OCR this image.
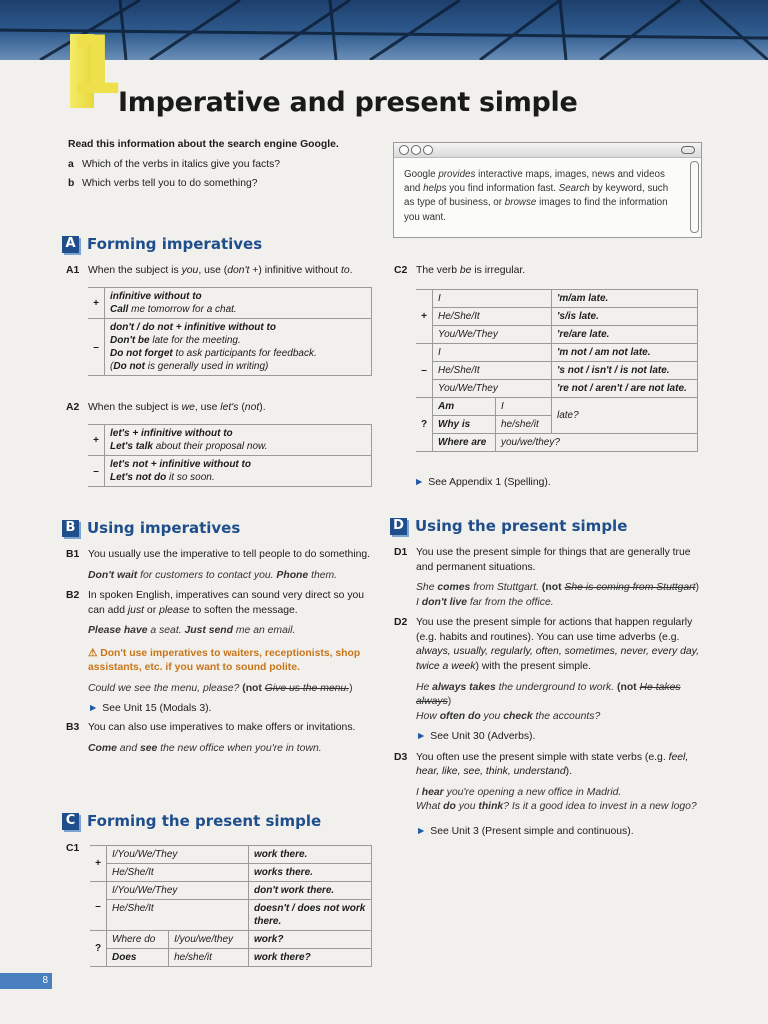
1
Imperative and present simple
Read this information about the search engine Google.
a Which of the verbs in italics give you facts?
b Which verbs tell you to do something?
Google provides interactive maps, images, news and videos and helps you find information fast. Search by keyword, such as type of business, or browse images to find the information you want.
A Forming imperatives
A1 When the subject is you, use (don't +) infinitive without to.
+	infinitive without to
Call me tomorrow for a chat.

–	don't / do not + infinitive without to
Don't be late for the meeting.
Do not forget to ask participants for feedback.
(Do not is generally used in writing)
A2 When the subject is we, use let's (not).
+	let's + infinitive without to
Let's talk about their proposal now.

–	let's not + infinitive without to
Let's not do it so soon.
B Using imperatives
B1 You usually use the imperative to tell people to do something.
Don't wait for customers to contact you. Phone them.
B2 In spoken English, imperatives can sound very direct so you can add just or please to soften the message.
Please have a seat. Just send me an email.
⚠ Don't use imperatives to waiters, receptionists, shop assistants, etc. if you want to sound polite.
Could we see the menu, please? (not Give us the menu.)
► See Unit 15 (Modals 3).
B3 You can also use imperatives to make offers or invitations.
Come and see the new office when you're in town.
C Forming the present simple
C1
+	I/You/We/They		work there.
	He/She/It		works there.
–	I/You/We/They		don't work there.
	He/She/It		doesn't / does not work there.
?	Where do	I/you/we/they	work?
	Does	he/she/it	work there?
C2 The verb be is irregular.
+	I		'm/am late.
	He/She/It		's/is late.
	You/We/They		're/are late.
–	I		'm not / am not late.
	He/She/It		's not / isn't / is not late.
	You/We/They		're not / aren't / are not late.
?	Am	I	late?
	Why is	he/she/it	
	Where are	you/we/they?	
► See Appendix 1 (Spelling).
D Using the present simple
D1 You use the present simple for things that are generally true and permanent situations.
She comes from Stuttgart. (not She is coming from Stuttgart)
I don't live far from the office.
D2 You use the present simple for actions that happen regularly (e.g. habits and routines). You can use time adverbs (e.g. always, usually, regularly, often, sometimes, never, every day, twice a week) with the present simple.
He always takes the underground to work. (not He takes always)
How often do you check the accounts?
► See Unit 30 (Adverbs).
D3 You often use the present simple with state verbs (e.g. feel, hear, like, see, think, understand).
I hear you're opening a new office in Madrid.
What do you think? Is it a good idea to invest in a new logo?
► See Unit 3 (Present simple and continuous).
8
